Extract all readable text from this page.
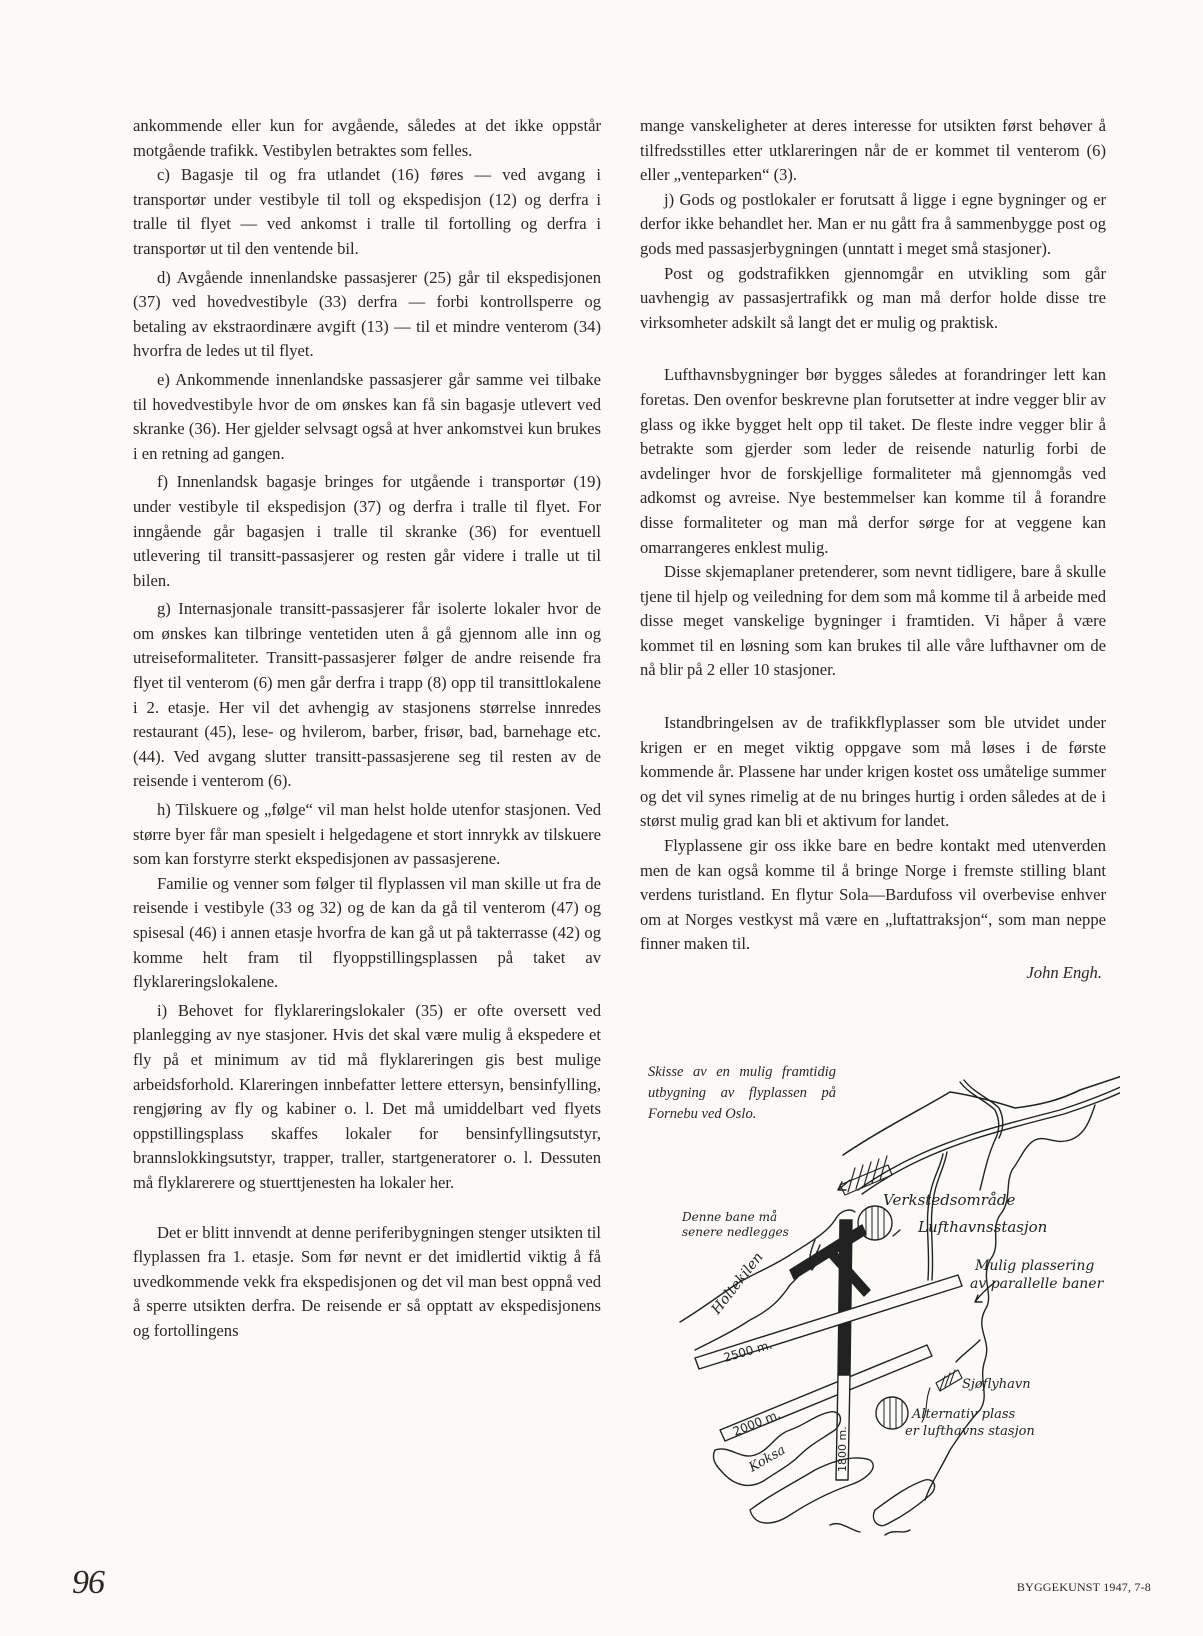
ankommende eller kun for avgående, således at det ikke oppstår motgående trafikk. Vestibylen betraktes som felles.

c) Bagasje til og fra utlandet (16) føres — ved avgang i transportør under vestibyle til toll og ekspedisjon (12) og derfra i tralle til flyet — ved ankomst i tralle til fortolling og derfra i transportør ut til den ventende bil.

d) Avgående innenlandske passasjerer (25) går til ekspedisjonen (37) ved hovedvestibyle (33) derfra — forbi kontrollsperre og betaling av ekstraordinære avgift (13) — til et mindre venterom (34) hvorfra de ledes ut til flyet.

e) Ankommende innenlandske passasjerer går samme vei tilbake til hovedvestibyle hvor de om ønskes kan få sin bagasje utlevert ved skranke (36). Her gjelder selvsagt også at hver ankomstvei kun brukes i en retning ad gangen.

f) Innenlandsk bagasje bringes for utgående i transportør (19) under vestibyle til ekspedisjon (37) og derfra i tralle til flyet. For inngående går bagasjen i tralle til skranke (36) for eventuell utlevering til transitt-passasjerer og resten går videre i tralle ut til bilen.

g) Internasjonale transitt-passasjerer får isolerte lokaler hvor de om ønskes kan tilbringe ventetiden uten å gå gjennom alle inn og utreiseformaliteter. Transitt-passasjerer følger de andre reisende fra flyet til venterom (6) men går derfra i trapp (8) opp til transittlokalene i 2. etasje. Her vil det avhengig av stasjonens størrelse innredes restaurant (45), lese- og hvilerom, barber, frisør, bad, barnehage etc. (44). Ved avgang slutter transitt-passasjerene seg til resten av de reisende i venterom (6).

h) Tilskuere og „følge“ vil man helst holde utenfor stasjonen. Ved større byer får man spesielt i helgedagene et stort innrykk av tilskuere som kan forstyrre sterkt ekspedisjonen av passasjerene.

Familie og venner som følger til flyplassen vil man skille ut fra de reisende i vestibyle (33 og 32) og de kan da gå til venterom (47) og spisesal (46) i annen etasje hvorfra de kan gå ut på takterrasse (42) og komme helt fram til flyoppstillingsplassen på taket av flyklareringslokalene.

i) Behovet for flyklareringslokaler (35) er ofte oversett ved planlegging av nye stasjoner. Hvis det skal være mulig å ekspedere et fly på et minimum av tid må flyklareringen gis best mulige arbeidsforhold. Klareringen innbefatter lettere ettersyn, bensinfylling, rengjøring av fly og kabiner o. l. Det må umiddelbart ved flyets oppstillingsplass skaffes lokaler for bensinfyllingsutstyr, brannslokkingsutstyr, trapper, traller, startgeneratorer o. l. Dessuten må flyklarerere og stuerttjenesten ha lokaler her.

Det er blitt innvendt at denne periferibygningen stenger utsikten til flyplassen fra 1. etasje. Som før nevnt er det imidlertid viktig å få uvedkommende vekk fra ekspedisjonen og det vil man best oppnå ved å sperre utsikten derfra. De reisende er så opptatt av ekspedisjonens og fortollingens

mange vanskeligheter at deres interesse for utsikten først behøver å tilfredsstilles etter utklareringen når de er kommet til venterom (6) eller „venteparken“ (3).

j) Gods og postlokaler er forutsatt å ligge i egne bygninger og er derfor ikke behandlet her. Man er nu gått fra å sammenbygge post og gods med passasjerbygningen (unntatt i meget små stasjoner).

Post og godstrafikken gjennomgår en utvikling som går uavhengig av passasjertrafikk og man må derfor holde disse tre virksomheter adskilt så langt det er mulig og praktisk.

Lufthavnsbygninger bør bygges således at forandringer lett kan foretas. Den ovenfor beskrevne plan forutsetter at indre vegger blir av glass og ikke bygget helt opp til taket. De fleste indre vegger blir å betrakte som gjerder som leder de reisende naturlig forbi de avdelinger hvor de forskjellige formaliteter må gjennomgås ved adkomst og avreise. Nye bestemmelser kan komme til å forandre disse formaliteter og man må derfor sørge for at veggene kan omarrangeres enklest mulig.

Disse skjemaplaner pretenderer, som nevnt tidligere, bare å skulle tjene til hjelp og veiledning for dem som må komme til å arbeide med disse meget vanskelige bygninger i framtiden. Vi håper å være kommet til en løsning som kan brukes til alle våre lufthavner om de nå blir på 2 eller 10 stasjoner.

Istandbringelsen av de trafikkflyplasser som ble utvidet under krigen er en meget viktig oppgave som må løses i de første kommende år. Plassene har under krigen kostet oss umåtelige summer og det vil synes rimelig at de nu bringes hurtig i orden således at de i størst mulig grad kan bli et aktivum for landet.

Flyplassene gir oss ikke bare en bedre kontakt med utenverden men de kan også komme til å bringe Norge i fremste stilling blant verdens turistland. En flytur Sola—Bardufoss vil overbevise enhver om at Norges vestkyst må være en „luftattraksjon“, som man neppe finner maken til.

John Engh.
Skisse av en mulig framtidig utbygning av flyplassen på Fornebu ved Oslo.
2500 m.
2000 m.
1800 m.
Verkstedsområde
Lufthavnsstasjon
Denne bane må
senere nedlegges
Mulig plassering
av parallelle baner
Holtekilen
Sjøflyhavn
Alternativ plass
er lufthavns stasjon
Koksa
96	BYGGEKUNST 1947, 7-8
